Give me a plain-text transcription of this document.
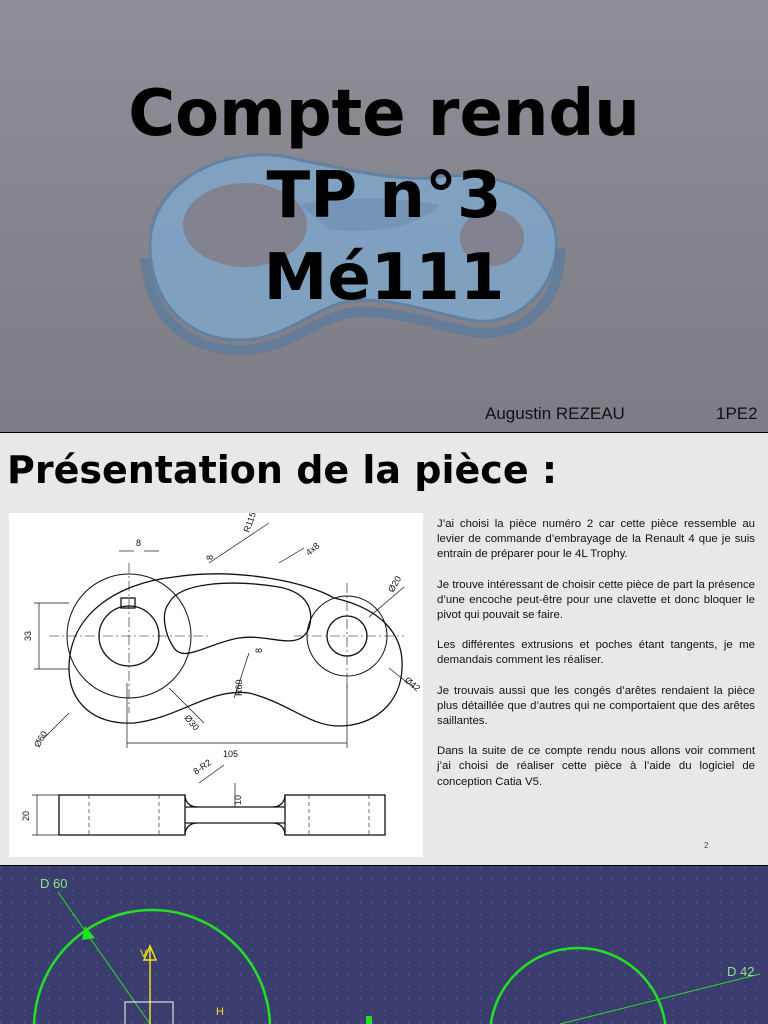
Compte rendu
TP n°3
Mé111
Augustin REZEAU	1PE2
Présentation de la pièce :
R115
8
8	4x8
Ø20
33
8
Ø60
Ø30
R60	Ø42
105
8-R2
10
20

J’ai choisi la pièce numéro 2 car cette pièce ressemble au levier de commande d’embrayage de la Renault 4 que je suis entrain de préparer pour le 4L Trophy.

Je trouve intéressant de choisir cette pièce de part la présence d’une encoche peut-être pour une clavette et donc bloquer le pivot qui pouvait se faire.

Les différentes extrusions et poches étant tangents, je me demandais comment les réaliser.

Je trouvais aussi que les congés d’arêtes rendaient la pièce plus détaillée que d’autres qui ne comportaient que des arêtes saillantes.

Dans la suite de ce compte rendu nous allons voir comment j’ai choisi de réaliser cette pièce à l’aide du logiciel de conception Catia V5.

2
D 60
D 42
V
H
